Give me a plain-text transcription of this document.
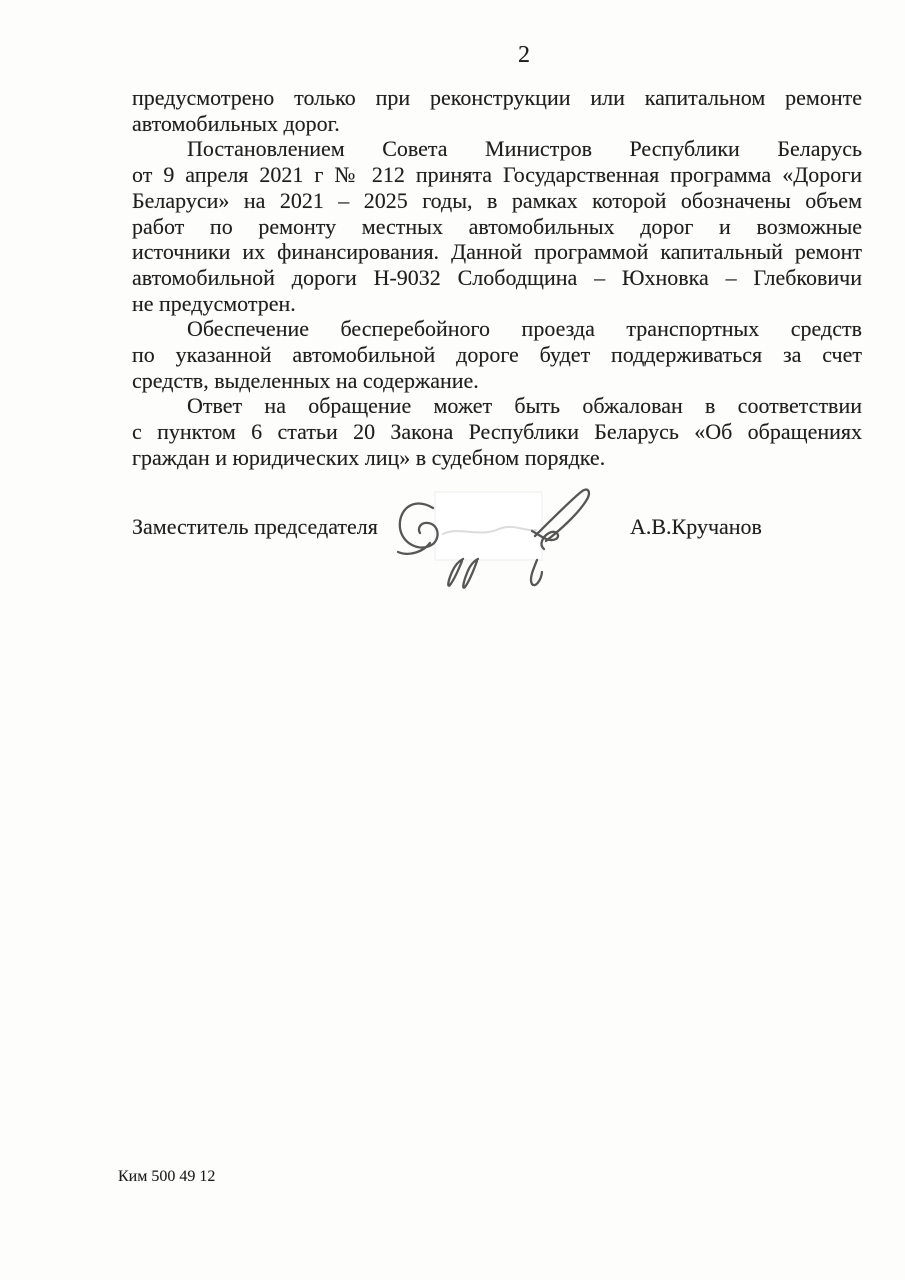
2
предусмотрено только при реконструкции или капитальном ремонте
автомобильных дорог.
Постановлением Совета Министров Республики Беларусь
от 9 апреля 2021 г № 212 принята Государственная программа «Дороги
Беларуси» на 2021 – 2025 годы, в рамках которой обозначены объем
работ по ремонту местных автомобильных дорог и возможные
источники их финансирования. Данной программой капитальный ремонт
автомобильной дороги Н-9032 Слободщина – Юхновка – Глебковичи
не предусмотрен.
Обеспечение бесперебойного проезда транспортных средств
по указанной автомобильной дороге будет поддерживаться за счет
средств, выделенных на содержание.
Ответ на обращение может быть обжалован в соответствии
с пунктом 6 статьи 20 Закона Республики Беларусь «Об обращениях
граждан и юридических лиц» в судебном порядке.
Заместитель председателя	А.В.Кручанов
Ким 500 49 12
